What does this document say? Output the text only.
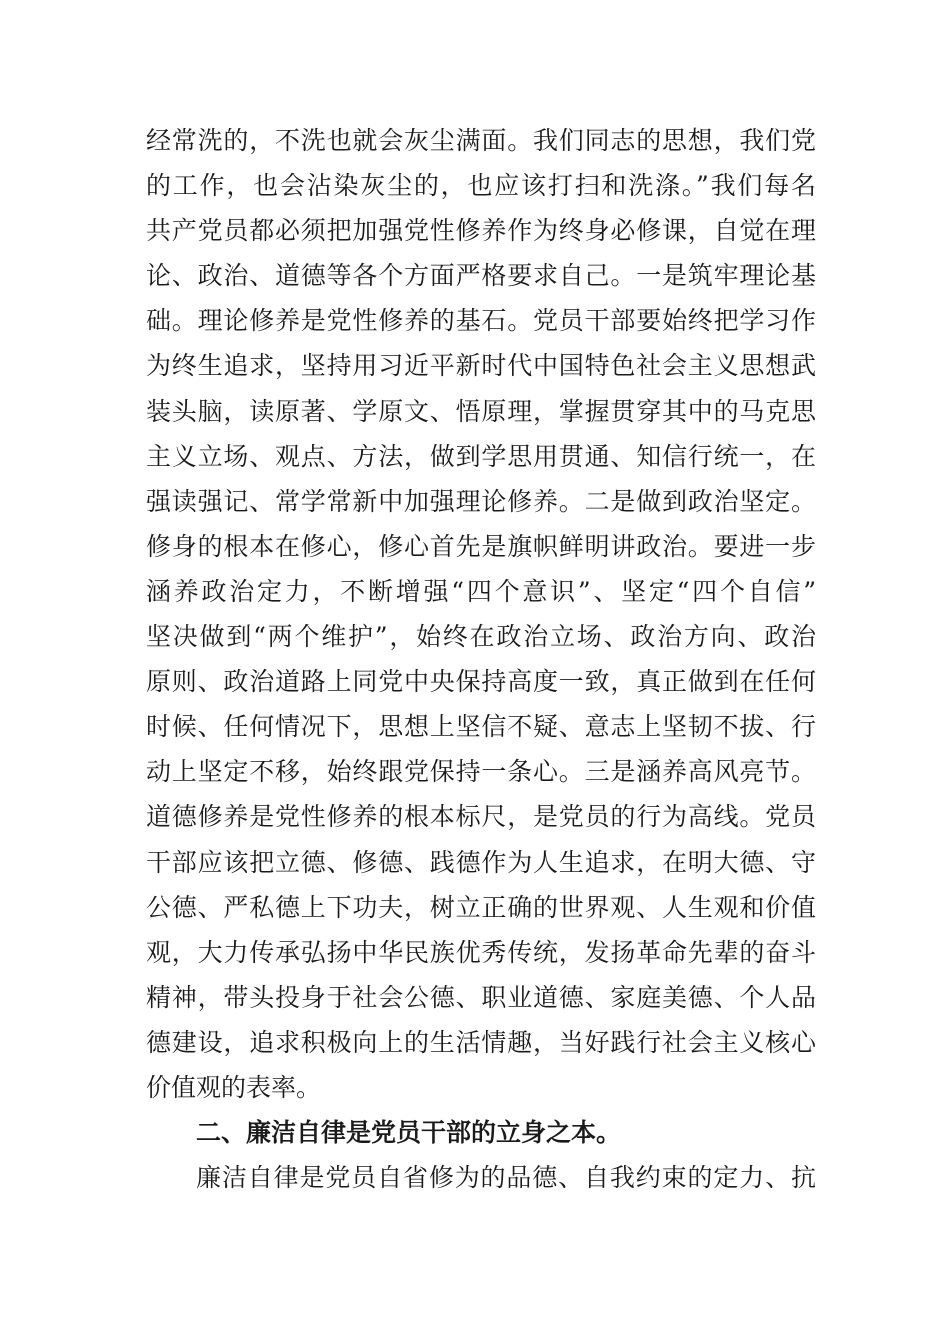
经常洗的，不洗也就会灰尘满面。我们同志的思想，我们党
的工作，也会沾染灰尘的，也应该打扫和洗涤。”我们每名
共产党员都必须把加强党性修养作为终身必修课，自觉在理
论、政治、道德等各个方面严格要求自己。一是筑牢理论基
础。理论修养是党性修养的基石。党员干部要始终把学习作
为终生追求，坚持用习近平新时代中国特色社会主义思想武
装头脑，读原著、学原文、悟原理，掌握贯穿其中的马克思
主义立场、观点、方法，做到学思用贯通、知信行统一，在
强读强记、常学常新中加强理论修养。二是做到政治坚定。
修身的根本在修心，修心首先是旗帜鲜明讲政治。要进一步
涵养政治定力，不断增强“四个意识”、坚定“四个自信”
坚决做到“两个维护”，始终在政治立场、政治方向、政治
原则、政治道路上同党中央保持高度一致，真正做到在任何
时候、任何情况下，思想上坚信不疑、意志上坚韧不拔、行
动上坚定不移，始终跟党保持一条心。三是涵养高风亮节。
道德修养是党性修养的根本标尺，是党员的行为高线。党员
干部应该把立德、修德、践德作为人生追求，在明大德、守
公德、严私德上下功夫，树立正确的世界观、人生观和价值
观，大力传承弘扬中华民族优秀传统，发扬革命先辈的奋斗
精神，带头投身于社会公德、职业道德、家庭美德、个人品
德建设，追求积极向上的生活情趣，当好践行社会主义核心
价值观的表率。
二、廉洁自律是党员干部的立身之本。
廉洁自律是党员自省修为的品德、自我约束的定力、抗
